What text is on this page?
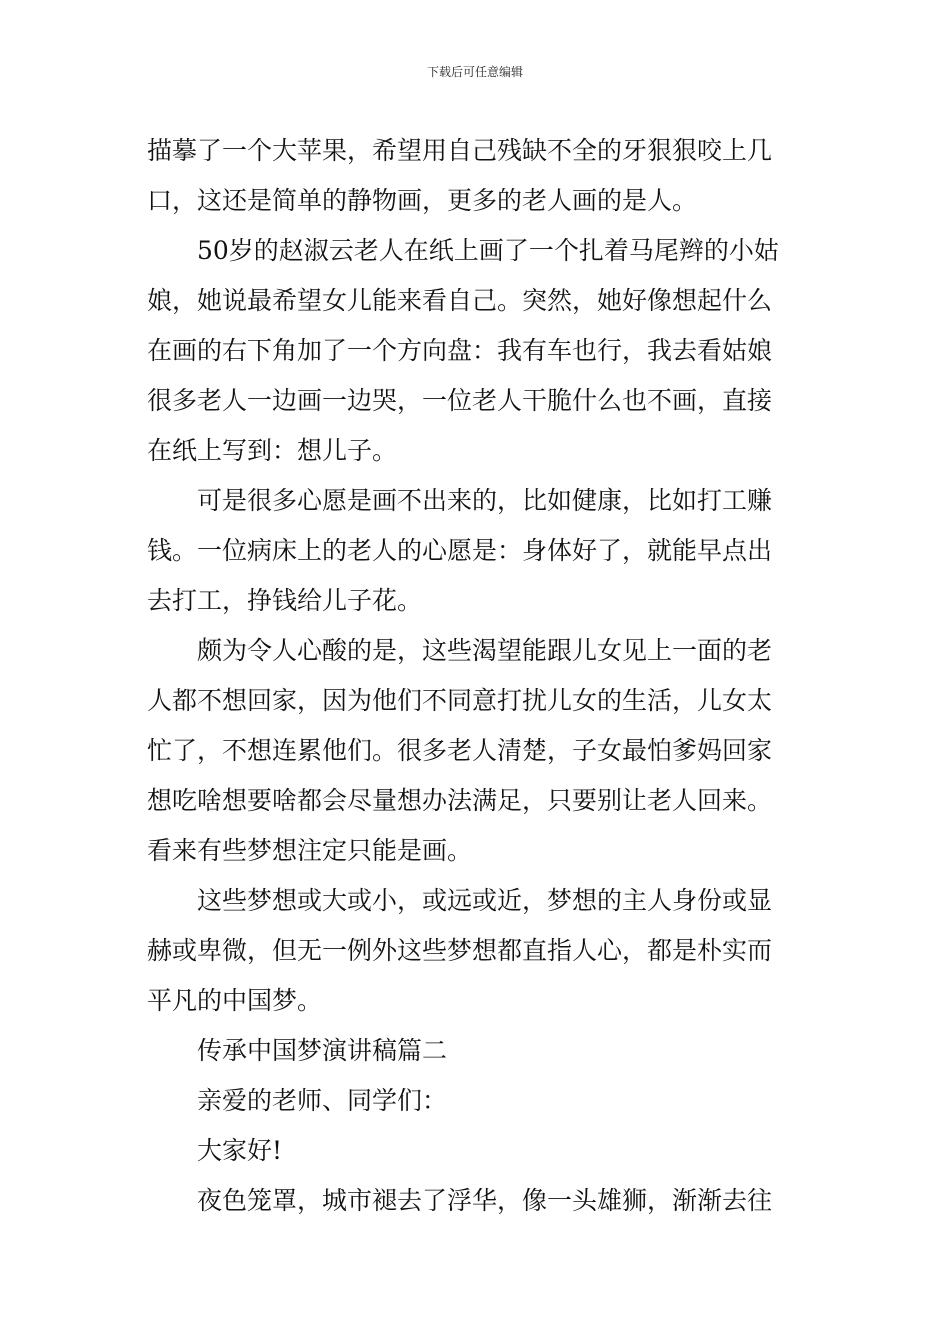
下载后可任意编辑
描摹了一个大苹果，希望用自己残缺不全的牙狠狠咬上几
口，这还是简单的静物画，更多的老人画的是人。
50岁的赵淑云老人在纸上画了一个扎着马尾辫的小姑
娘，她说最希望女儿能来看自己。突然，她好像想起什么
在画的右下角加了一个方向盘：我有车也行，我去看姑娘
很多老人一边画一边哭，一位老人干脆什么也不画，直接
在纸上写到：想儿子。
可是很多心愿是画不出来的，比如健康，比如打工赚
钱。一位病床上的老人的心愿是：身体好了，就能早点出
去打工，挣钱给儿子花。
颇为令人心酸的是，这些渴望能跟儿女见上一面的老
人都不想回家，因为他们不同意打扰儿女的生活，儿女太
忙了，不想连累他们。很多老人清楚，子女最怕爹妈回家
想吃啥想要啥都会尽量想办法满足，只要别让老人回来。
看来有些梦想注定只能是画。
这些梦想或大或小，或远或近，梦想的主人身份或显
赫或卑微，但无一例外这些梦想都直指人心，都是朴实而
平凡的中国梦。
传承中国梦演讲稿篇二
亲爱的老师、同学们：
大家好!
夜色笼罩，城市褪去了浮华，像一头雄狮，渐渐去往
